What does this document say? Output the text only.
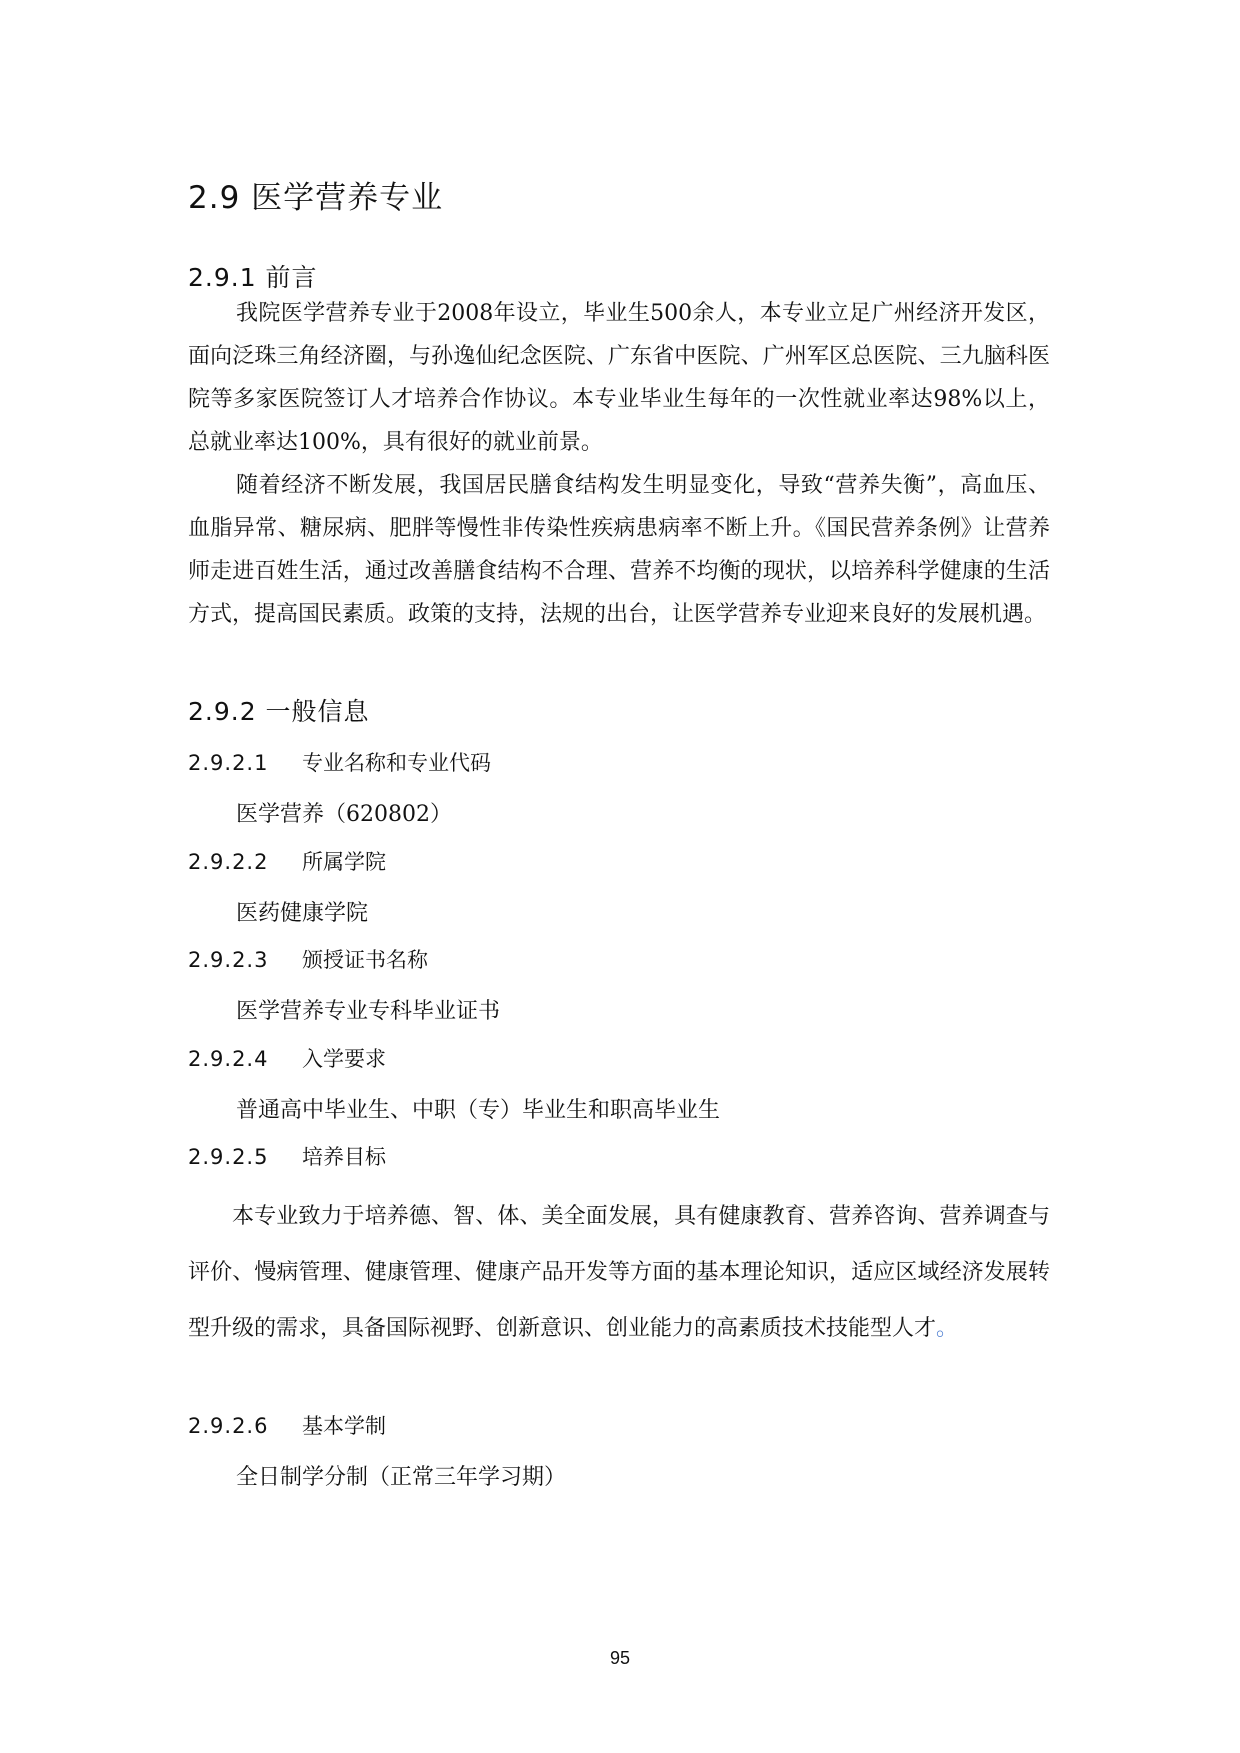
2.9 医学营养专业
2.9.1 前言

我院医学营养专业于2008年设立，毕业生500余人，本专业立足广州经济开发区，面向泛珠三角经济圈，与孙逸仙纪念医院、广东省中医院、广州军区总医院、三九脑科医院等多家医院签订人才培养合作协议。本专业毕业生每年的一次性就业率达98%以上，总就业率达100%，具有很好的就业前景。

随着经济不断发展，我国居民膳食结构发生明显变化，导致“营养失衡”，高血压、血脂异常、糖尿病、肥胖等慢性非传染性疾病患病率不断上升。《国民营养条例》让营养师走进百姓生活，通过改善膳食结构不合理、营养不均衡的现状，以培养科学健康的生活方式，提高国民素质。政策的支持，法规的出台，让医学营养专业迎来良好的发展机遇。

2.9.2 一般信息
2.9.2.1 专业名称和专业代码
医学营养（620802）
2.9.2.2 所属学院
医药健康学院
2.9.2.3 颁授证书名称
医学营养专业专科毕业证书
2.9.2.4 入学要求
普通高中毕业生、中职（专）毕业生和职高毕业生
2.9.2.5 培养目标

本专业致力于培养德、智、体、美全面发展，具有健康教育、营养咨询、营养调查与评价、慢病管理、健康管理、健康产品开发等方面的基本理论知识，适应区域经济发展转型升级的需求，具备国际视野、创新意识、创业能力的高素质技术技能型人才。

2.9.2.6 基本学制
全日制学分制（正常三年学习期）
95
